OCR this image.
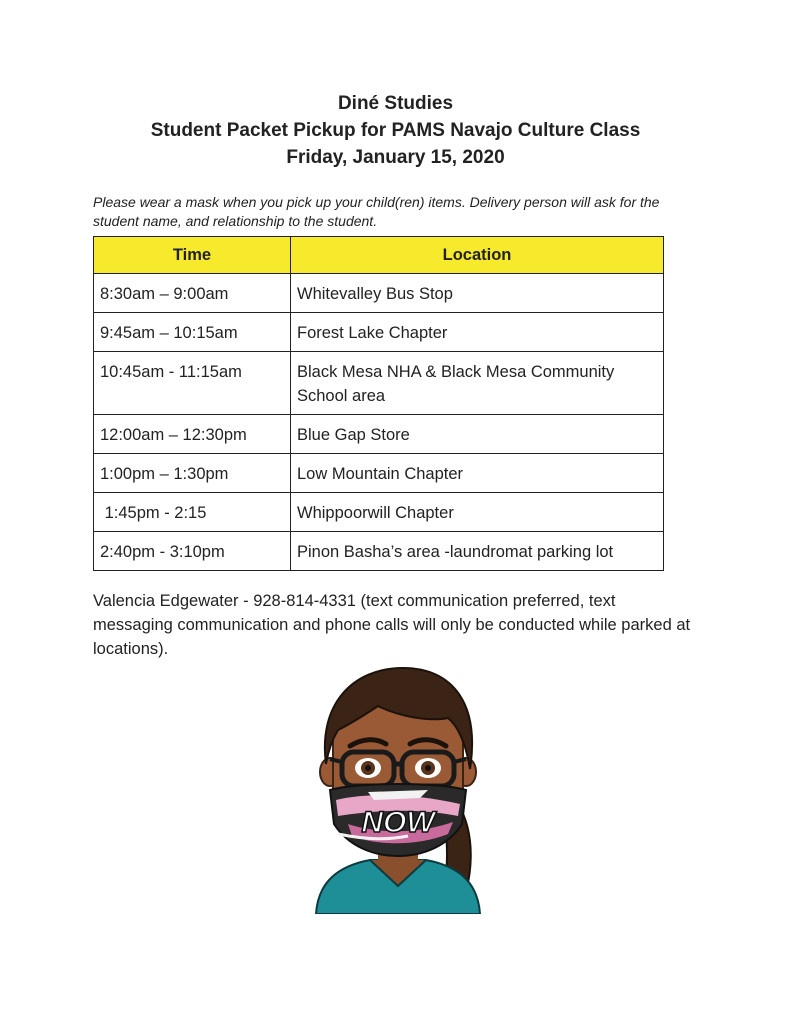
Diné Studies
Student Packet Pickup for PAMS Navajo Culture Class
Friday, January 15, 2020
Please wear a mask when you pick up your child(ren) items. Delivery person will ask for the student name, and relationship to the student.
Time	Location
8:30am – 9:00am	Whitevalley Bus Stop
9:45am – 10:15am	Forest Lake Chapter
10:45am - 11:15am	Black Mesa NHA & Black Mesa Community School area
12:00am – 12:30pm	Blue Gap Store
1:00pm – 1:30pm	Low Mountain Chapter
1:45pm - 2:15	Whippoorwill Chapter
2:40pm - 3:10pm	Pinon Basha’s area -laundromat parking lot
Valencia Edgewater - 928-814-4331 (text communication preferred, text messaging communication and phone calls will only be conducted while parked at locations).
NOW
